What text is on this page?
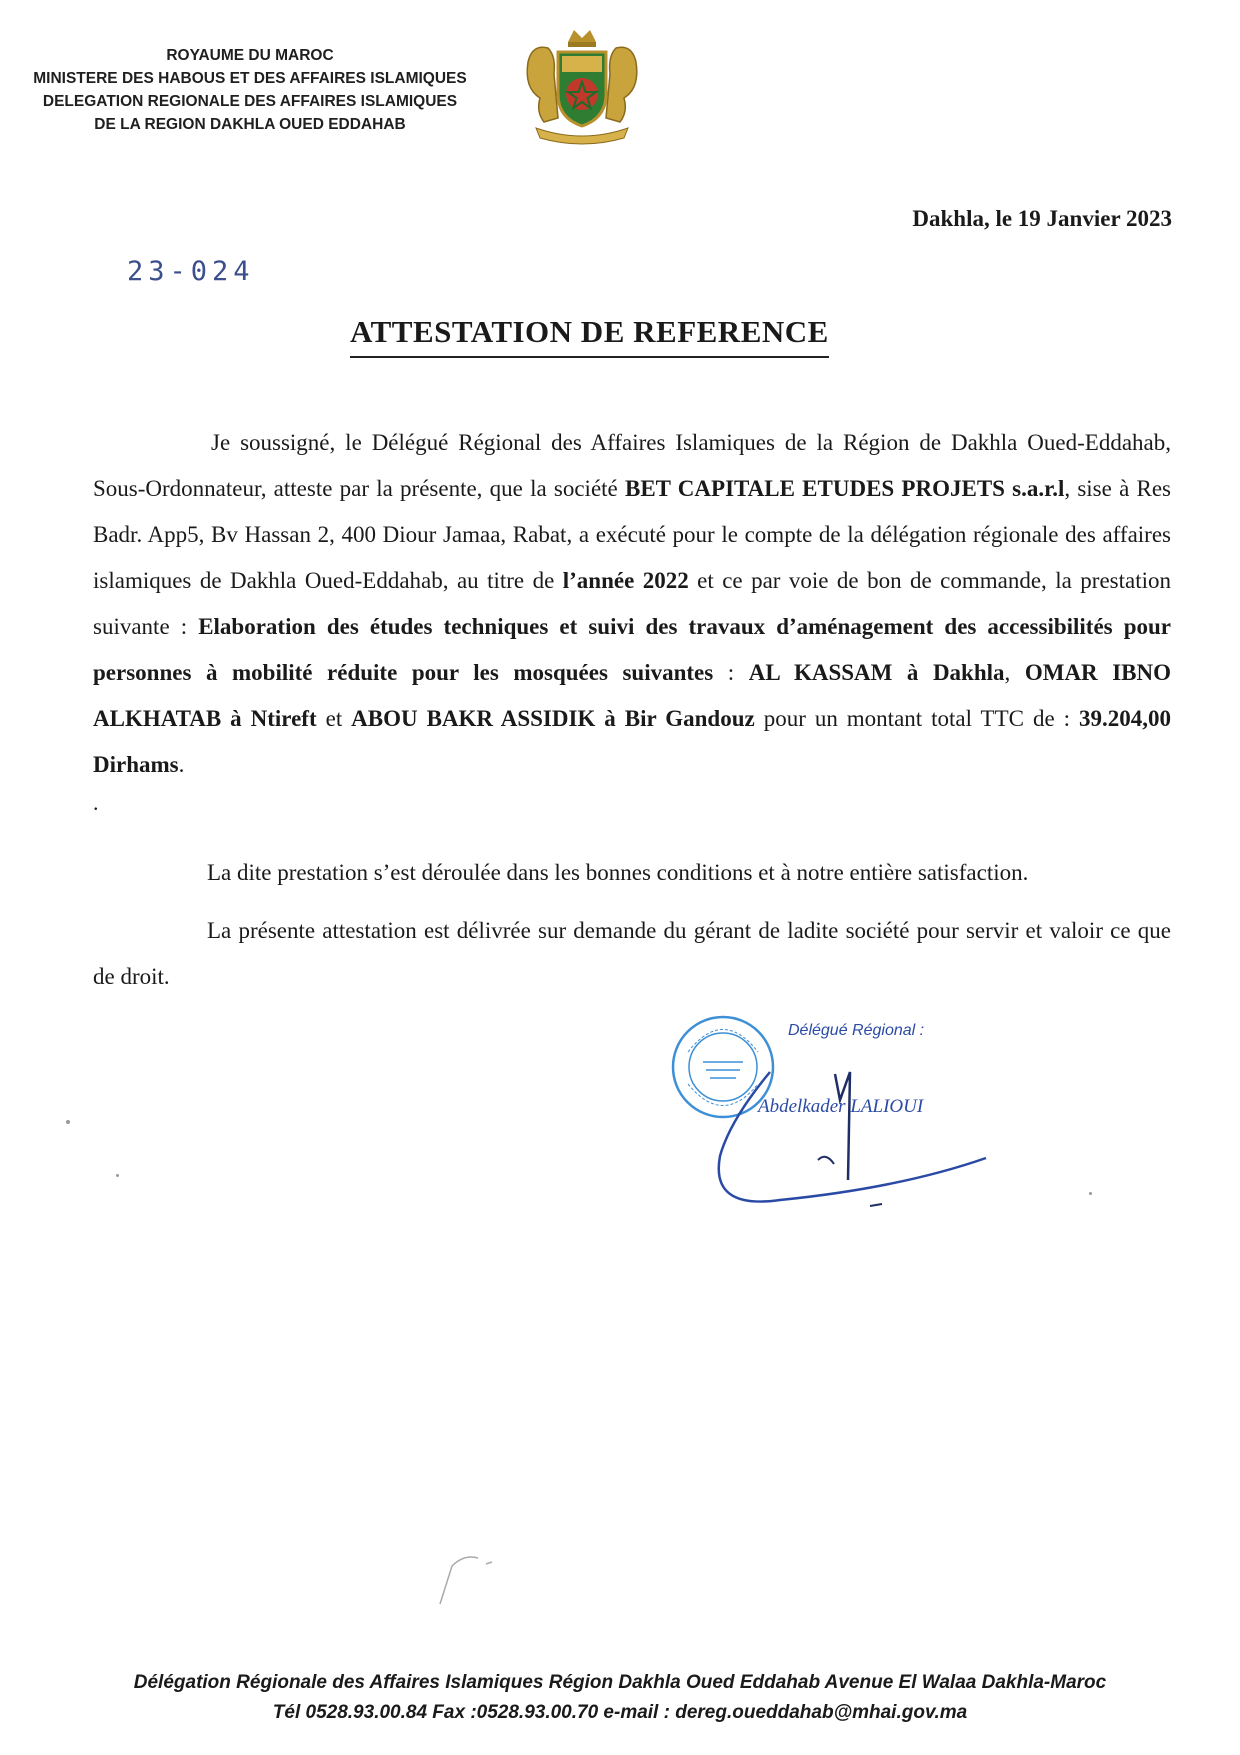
ROYAUME DU MAROC
MINISTERE DES HABOUS ET DES AFFAIRES ISLAMIQUES
DELEGATION REGIONALE DES AFFAIRES ISLAMIQUES
DE LA REGION DAKHLA OUED EDDAHAB
Dakhla, le 19 Janvier 2023
23-024
ATTESTATION DE REFERENCE
Je soussigné, le Délégué Régional des Affaires Islamiques de la Région de Dakhla Oued-Eddahab, Sous-Ordonnateur, atteste par la présente, que la société BET CAPITALE ETUDES PROJETS s.a.r.l, sise à Res Badr. App5, Bv Hassan 2, 400 Diour Jamaa, Rabat, a exécuté pour le compte de la délégation régionale des affaires islamiques de Dakhla Oued-Eddahab, au titre de l’année 2022 et ce par voie de bon de commande, la prestation suivante : Elaboration des études techniques et suivi des travaux d’aménagement des accessibilités pour personnes à mobilité réduite pour les mosquées suivantes : AL KASSAM à Dakhla, OMAR IBNO ALKHATAB à Ntireft et ABOU BAKR ASSIDIK à Bir Gandouz pour un montant total TTC de : 39.204,00 Dirhams.
.
La dite prestation s’est déroulée dans les bonnes conditions et à notre entière satisfaction.
La présente attestation est délivrée sur demande du gérant de ladite société pour servir et valoir ce que de droit.
Délégué Régional :
Abdelkader LALIOUI
Délégation Régionale des Affaires Islamiques Région Dakhla Oued Eddahab Avenue El Walaa Dakhla-Maroc
Tél 0528.93.00.84 Fax :0528.93.00.70 e-mail : dereg.oueddahab@mhai.gov.ma
